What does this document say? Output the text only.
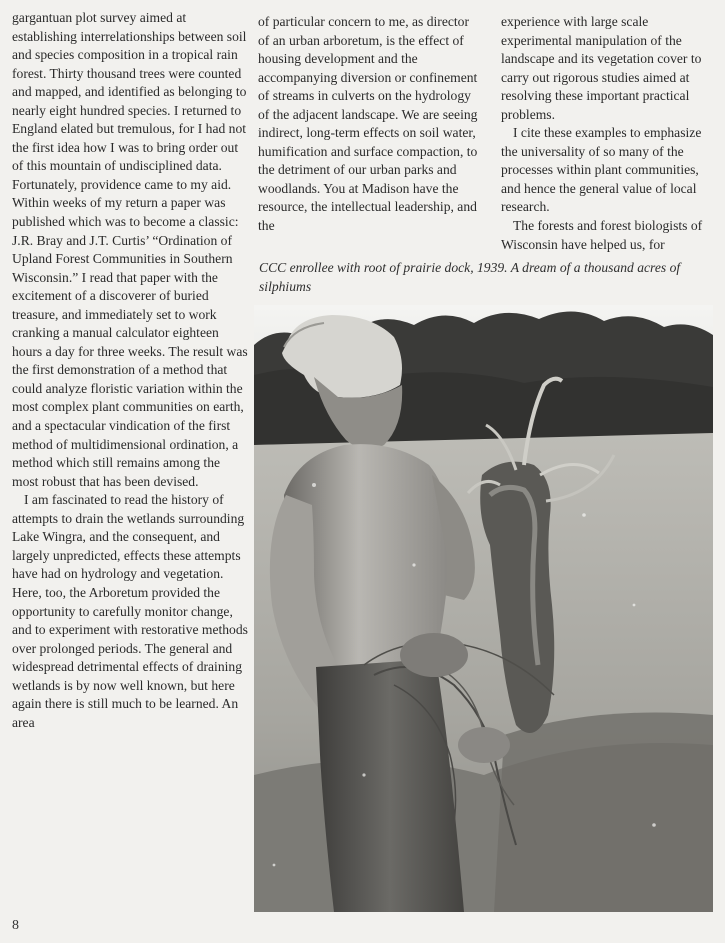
gargantuan plot survey aimed at establishing interrelationships between soil and species composition in a tropical rain forest. Thirty thousand trees were counted and mapped, and identified as belonging to nearly eight hundred species. I returned to England elated but tremulous, for I had not the first idea how I was to bring order out of this mountain of undisciplined data. Fortunately, providence came to my aid. Within weeks of my return a paper was published which was to become a classic: J.R. Bray and J.T. Curtis’ “Ordination of Upland Forest Communities in Southern Wisconsin.” I read that paper with the excitement of a discoverer of buried treasure, and immediately set to work cranking a manual calculator eighteen hours a day for three weeks. The result was the first demonstration of a method that could analyze floristic variation within the most complex plant communities on earth, and a spectacular vindication of the first method of multidimensional ordination, a method which still remains among the most robust that has been devised.

I am fascinated to read the history of attempts to drain the wetlands surrounding Lake Wingra, and the consequent, and largely unpredicted, effects these attempts have had on hydrology and vegetation. Here, too, the Arboretum provided the opportunity to carefully monitor change, and to experiment with restorative methods over prolonged periods. The general and widespread detrimental effects of draining wetlands is by now well known, but here again there is still much to be learned. An area

of particular concern to me, as director of an urban arboretum, is the effect of housing development and the accompanying diversion or confinement of streams in culverts on the hydrology of the adjacent landscape. We are seeing indirect, long-term effects on soil water, humification and surface compaction, to the detriment of our urban parks and woodlands. You at Madison have the resource, the intellectual leadership, and the

experience with large scale experimental manipulation of the landscape and its vegetation cover to carry out rigorous studies aimed at resolving these important practical problems.

I cite these examples to emphasize the universality of so many of the processes within plant communities, and hence the general value of local research.

The forests and forest biologists of Wisconsin have helped us, for

CCC enrollee with root of prairie dock, 1939. A dream of a thousand acres of silphiums
8
